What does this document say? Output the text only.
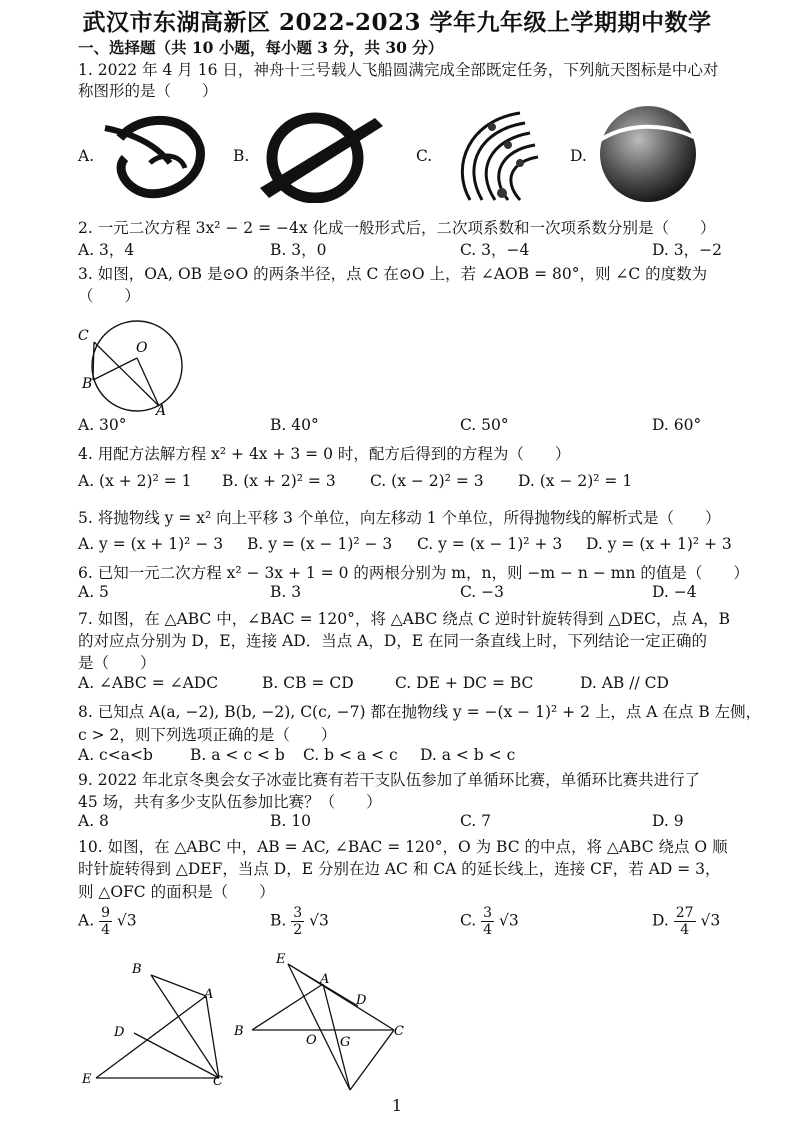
武汉市东湖高新区 2022-2023 学年九年级上学期期中数学
一、选择题（共 10 小题，每小题 3 分，共 30 分）
1. 2022 年 4 月 16 日，神舟十三号载人飞船圆满完成全部既定任务，下列航天图标是中心对
称图形的是（　　）
A.	B.	C.	D.
2. 一元二次方程 3x² − 2 = −4x 化成一般形式后，二次项系数和一次项系数分别是（　　）
A. 3，4	B. 3，0	C. 3，−4	D. 3，−2
3. 如图，OA, OB 是⊙O 的两条半径，点 C 在⊙O 上，若 ∠AOB = 80°，则 ∠C 的度数为
（　　）
C
O
B
A
A. 30°	B. 40°	C. 50°	D. 60°
4. 用配方法解方程 x² + 4x + 3 = 0 时，配方后得到的方程为（　　）
A. (x + 2)² = 1 B. (x + 2)² = 3 C. (x − 2)² = 3 D. (x − 2)² = 1
5. 将抛物线 y = x² 向上平移 3 个单位，向左移动 1 个单位，所得抛物线的解析式是（　　）
A. y = (x + 1)² − 3 B. y = (x − 1)² − 3 C. y = (x − 1)² + 3 D. y = (x + 1)² + 3
6. 已知一元二次方程 x² − 3x + 1 = 0 的两根分别为 m，n，则 −m − n − mn 的值是（　　）
A. 5	B. 3	C. −3	D. −4
7. 如图，在 △ABC 中，∠BAC = 120°，将 △ABC 绕点 C 逆时针旋转得到 △DEC，点 A，B
的对应点分别为 D，E，连接 AD．当点 A，D，E 在同一条直线上时，下列结论一定正确的
是（　　）
A. ∠ABC = ∠ADC	B. CB = CD	C. DE + DC = BC	D. AB // CD
8. 已知点 A(a, −2), B(b, −2), C(c, −7) 都在抛物线 y = −(x − 1)² + 2 上，点 A 在点 B 左侧，
c > 2，则下列选项正确的是（　　）
A. c<a<b B. a < c < b C. b < a < c D. a < b < c
9. 2022 年北京冬奥会女子冰壶比赛有若干支队伍参加了单循环比赛，单循环比赛共进行了
45 场，共有多少支队伍参加比赛？（　　）
A. 8	B. 10	C. 7	D. 9
10. 如图，在 △ABC 中，AB = AC, ∠BAC = 120°，O 为 BC 的中点，将 △ABC 绕点 O 顺
时针旋转得到 △DEF，当点 D，E 分别在边 AC 和 CA 的延长线上，连接 CF，若 AD = 3，
则 △OFC 的面积是（　　）
A. $\frac{9}{4} √3$	B. $\frac{3}{2} √3$	C. $\frac{3}{4} √3$	D. $\frac{27}{4} √3$
B
A
D
E	C
E
A
D
B
O G
C
1
